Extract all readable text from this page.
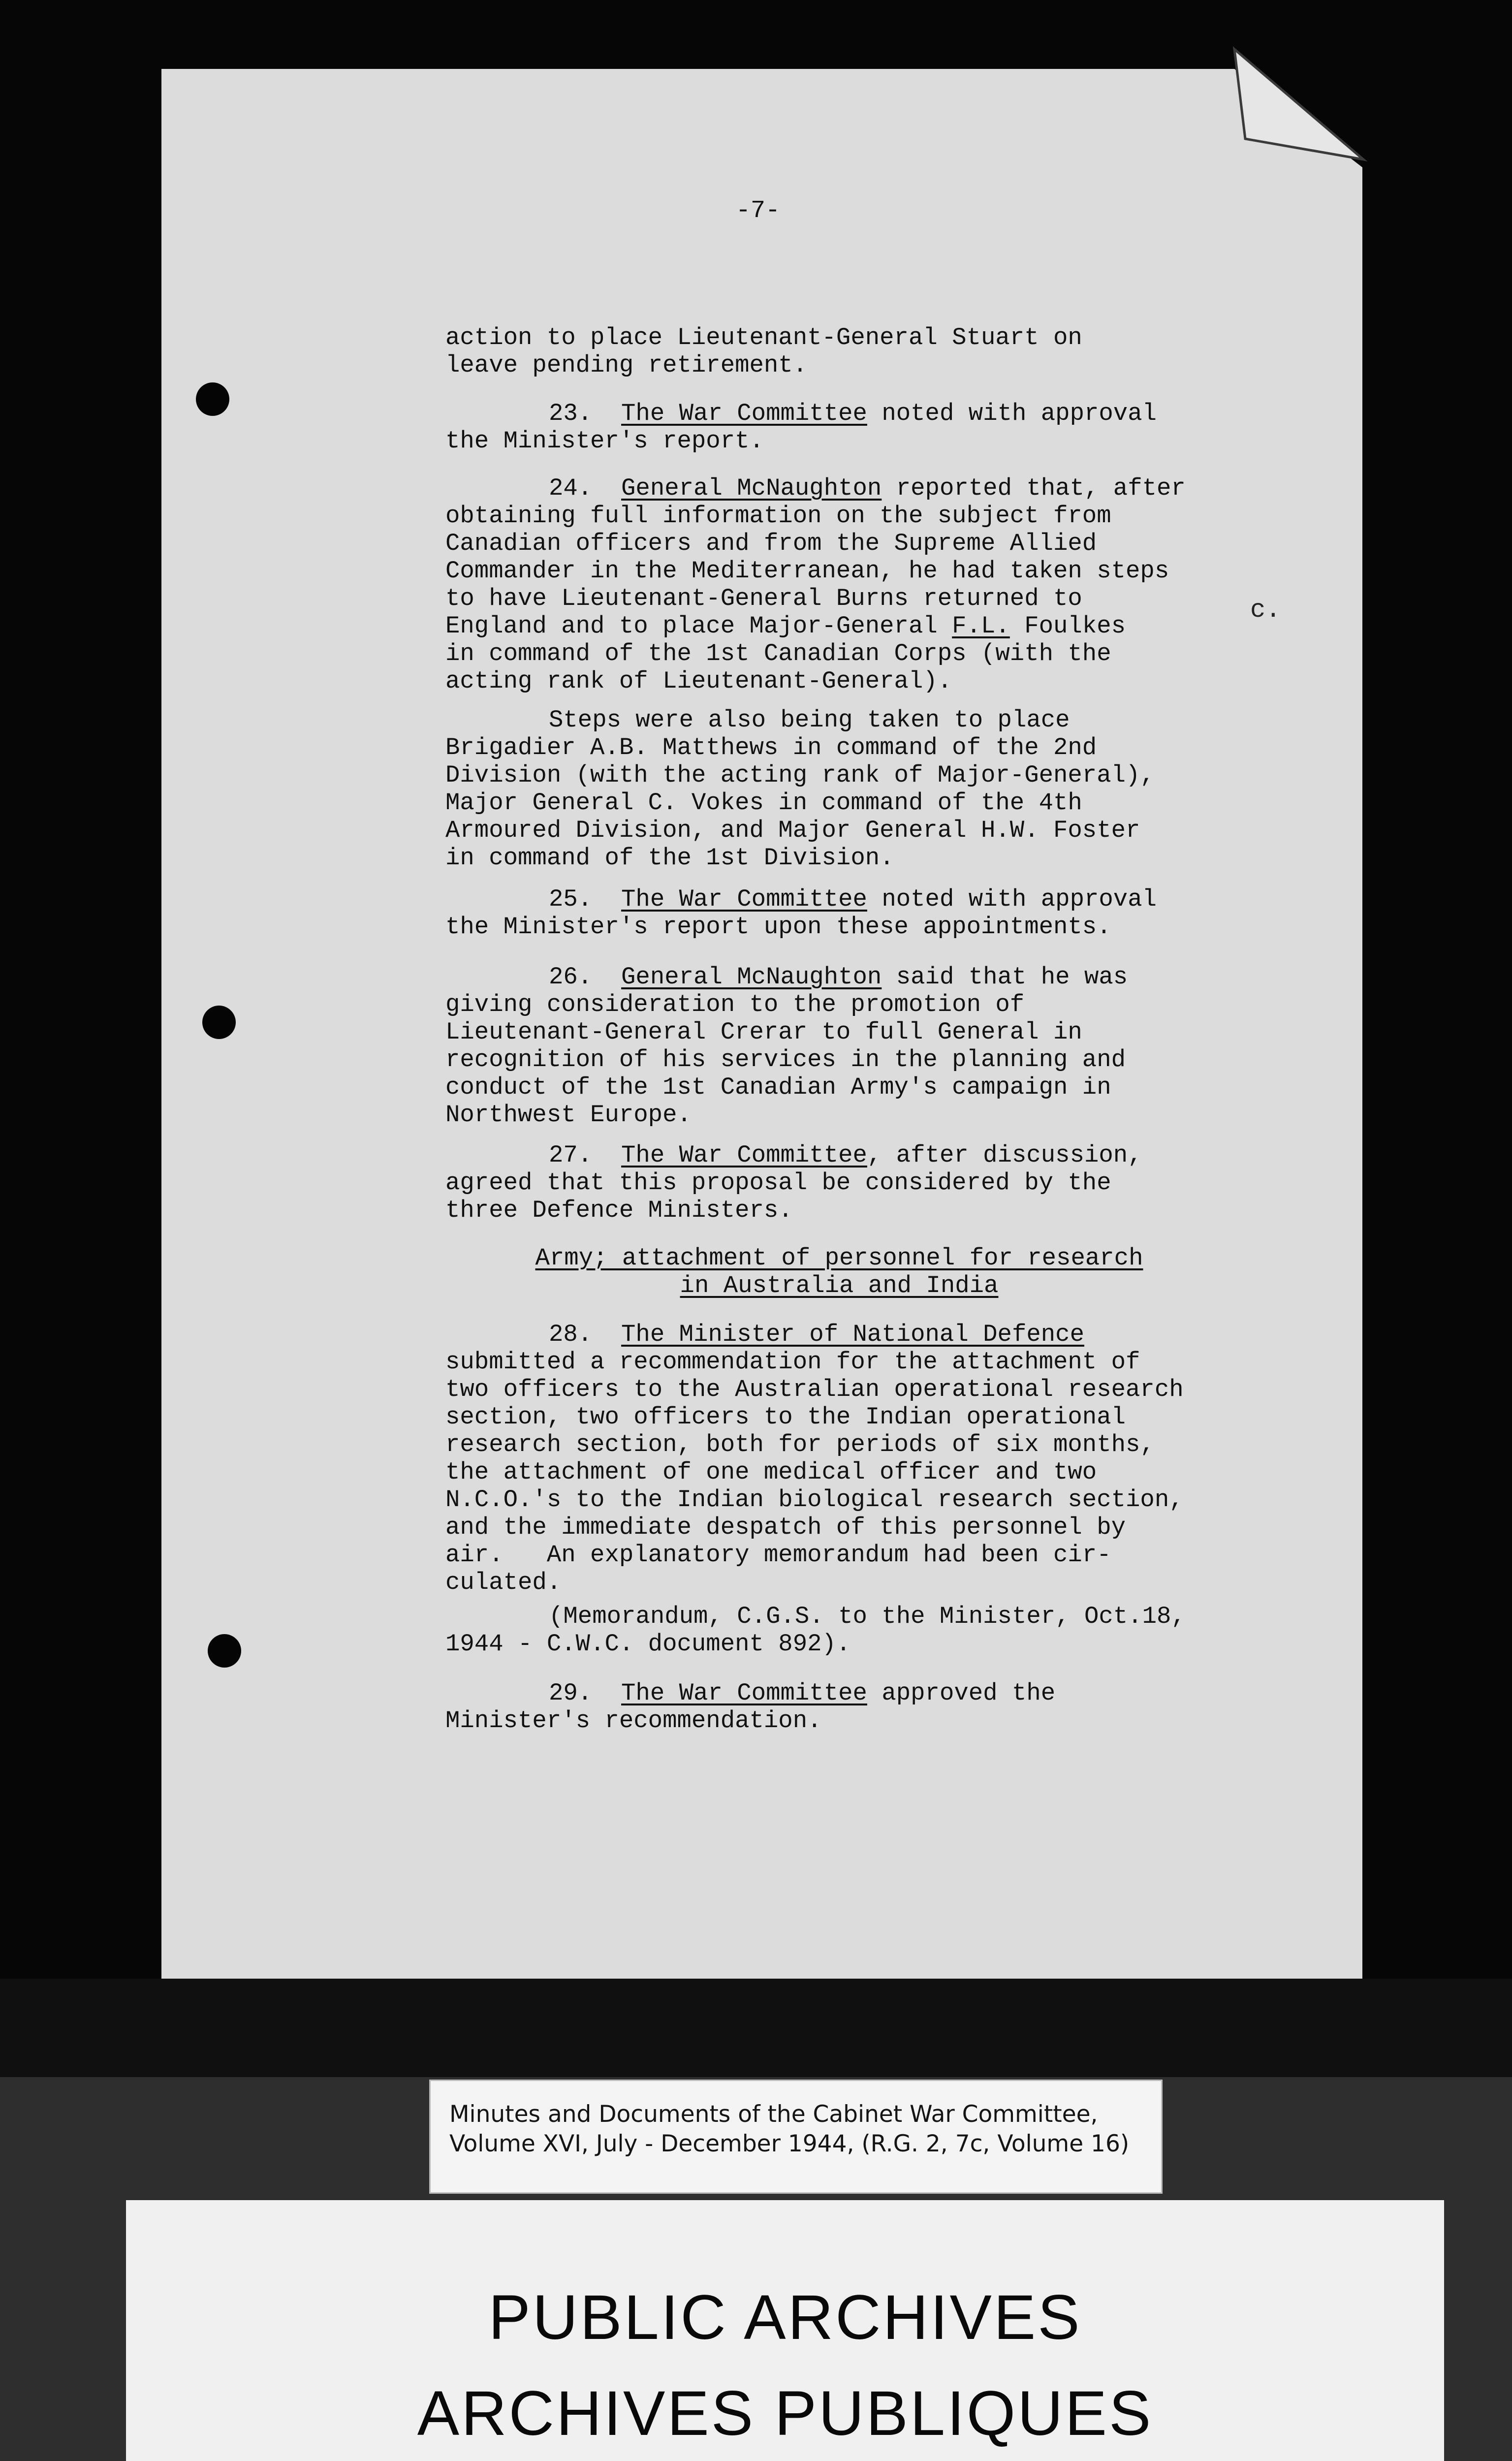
-7-

action to place Lieutenant-General Stuart on
leave pending retirement.

23. The War Committee noted with approval
the Minister's report.

24. General McNaughton reported that, after
obtaining full information on the subject from
Canadian officers and from the Supreme Allied
Commander in the Mediterranean, he had taken steps
to have Lieutenant-General Burns returned to
England and to place Major-General F.L. Foulkes
in command of the 1st Canadian Corps (with the
acting rank of Lieutenant-General).

c.

Steps were also being taken to place
Brigadier A.B. Matthews in command of the 2nd
Division (with the acting rank of Major-General),
Major General C. Vokes in command of the 4th
Armoured Division, and Major General H.W. Foster
in command of the 1st Division.

25. The War Committee noted with approval
the Minister's report upon these appointments.

26. General McNaughton said that he was
giving consideration to the promotion of
Lieutenant-General Crerar to full General in
recognition of his services in the planning and
conduct of the 1st Canadian Army's campaign in
Northwest Europe.

27. The War Committee, after discussion,
agreed that this proposal be considered by the
three Defence Ministers.

Army; attachment of personnel for research
in Australia and India

28. The Minister of National Defence
submitted a recommendation for the attachment of
two officers to the Australian operational research
section, two officers to the Indian operational
research section, both for periods of six months,
the attachment of one medical officer and two
N.C.O.'s to the Indian biological research section,
and the immediate despatch of this personnel by
air.   An explanatory memorandum had been cir-
culated.

(Memorandum, C.G.S. to the Minister, Oct.18,
1944 - C.W.C. document 892).

29. The War Committee approved the
Minister's recommendation.

Minutes and Documents of the Cabinet War Committee,
Volume XVI, July - December 1944, (R.G. 2, 7c, Volume 16)
PUBLIC ARCHIVES
ARCHIVES PUBLIQUES
